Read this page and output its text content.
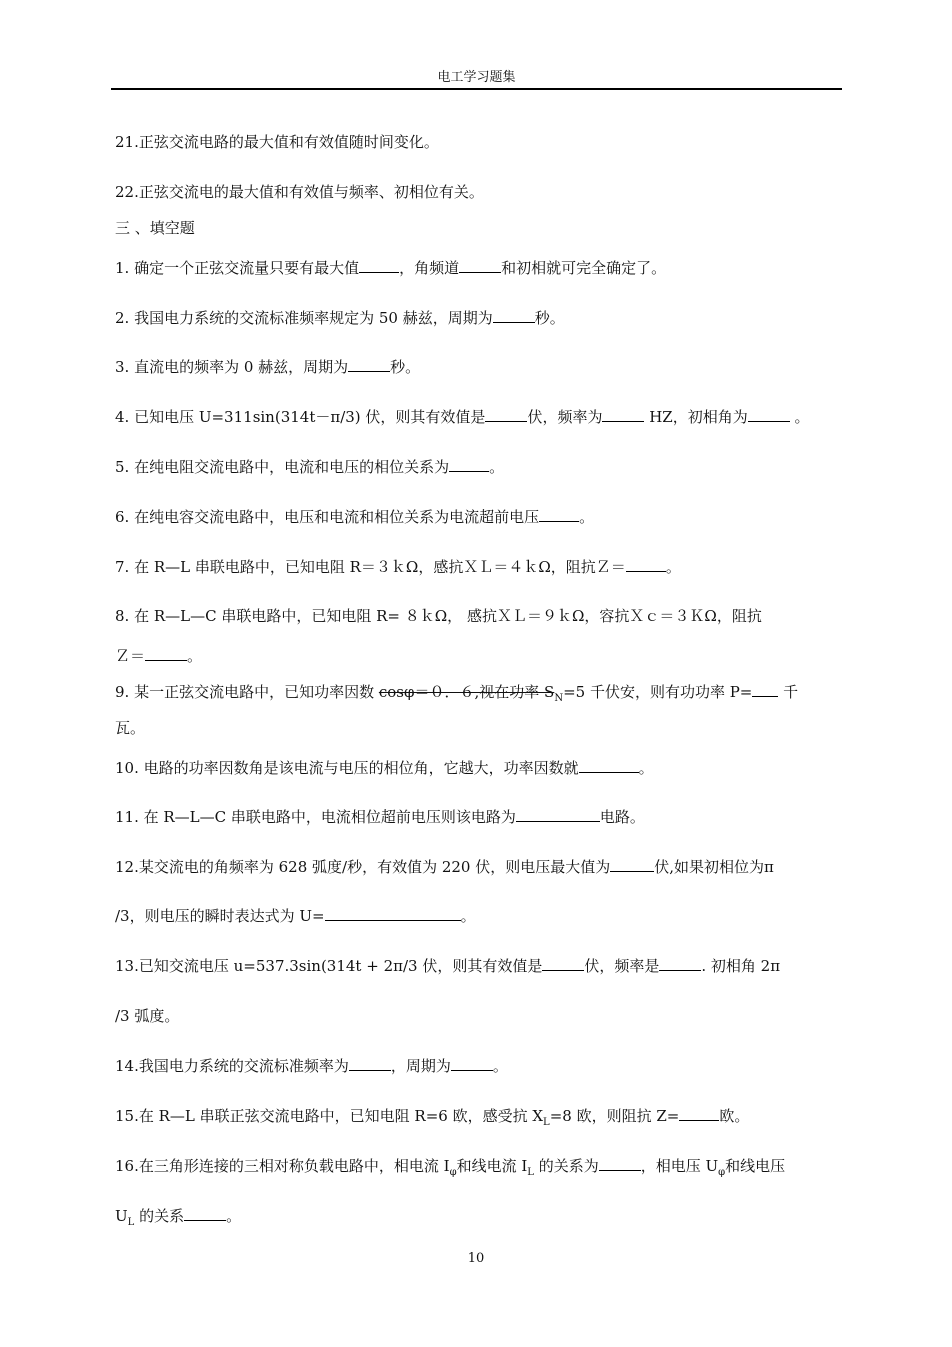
电工学习题集
21.正弦交流电路的最大值和有效值随时间变化。
22.正弦交流电的最大值和有效值与频率、初相位有关。
三 、填空题
1. 确定一个正弦交流量只要有最大值	，角频道	和初相就可完全确定了。
2. 我国电力系统的交流标准频率规定为 50 赫兹，周期为	秒。
3. 直流电的频率为 0 赫兹，周期为	秒。
4. 已知电压 U=311sin(314t－π/3) 伏，则其有效值是	伏，频率为	HZ，初相角为	。
5. 在纯电阻交流电路中，电流和电压的相位关系为	。
6. 在纯电容交流电路中，电压和电流和相位关系为电流超前电压	。
7. 在 R—L 串联电路中，已知电阻 R＝３ｋΩ，感抗ＸＬ＝４ｋΩ，阻抗Ｚ＝	。
8. 在 R—L—C 串联电路中，已知电阻 R= ８ｋΩ， 感抗ＸＬ＝９ｋΩ，容抗Ｘｃ＝３ＫΩ，阻抗
Ｚ＝	。
9. 某一正弦交流电路中，已知功率因数 cosφ＝０．６,视在功率 $S_N=5$ 千伏安，则有功功率 P= 千
瓦。
10. 电路的功率因数角是该电流与电压的相位角，它越大，功率因数就	。
11. 在 R—L—C 串联电路中，电流相位超前电压则该电路为	电路。
12.某交流电的角频率为 628 弧度/秒，有效值为 220 伏，则电压最大值为	伏,如果初相位为π
/3，则电压的瞬时表达式为 U=	。
13.已知交流电压 u=537.3sin(314t + 2π/3 伏，则其有效值是	伏，频率是	. 初相角 2π
/3 弧度。
14.我国电力系统的交流标准频率为	，周期为	。
15.在 R—L 串联正弦交流电路中，已知电阻 R=6 欧，感受抗 $X_L=8$ 欧，则阻抗 Z=	欧。
16.在三角形连接的三相对称负载电路中，相电流 $I_\varphi$和线电流 $I_L$ 的关系为	，相电压 $U_\varphi$和线电压
$U_L$ 的关系	。
10
